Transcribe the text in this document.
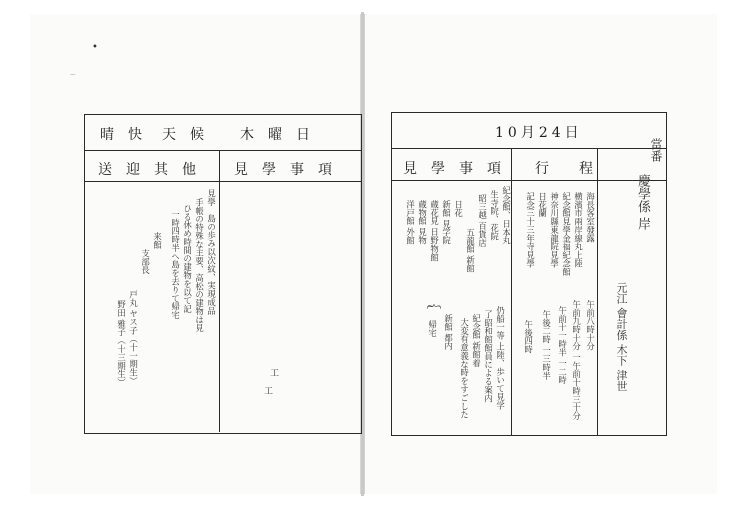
•
～
晴快 天候 木曜日
送迎其他 見學事項
見學　島の歩み以次紋、実現成品
手帳の特殊な主要、高松の建物は見
ひる休め時間の建物を以て記
一時四時半へ島を去りて帰宅
来館
支部長
戸丸 ヤス子（十一期生）
野田 雅子（十三期生）	工
工
10月24日
當番
見學事項 行程
慶學係 岸
元江 會計係 木下 津世
海長客室發露
横濱市兩岸線丸上陸
紀念館見學金福紀念館
神奈川縣東龍院見學
日花蘭
記念三十三年寺見學
午前八時十分
午前九時十分 一午前十時三十分
午前十一時半 一二時
午後二時 一三時半
午後四時
紀念館、日本丸
生寺院、花院
昭三越 百貨店
五龍館 新館
日花
新館 見学院
蔵花見 日野物館
蔵物館 見物
洋戸館 外館
︷
仍船一等 上陸、歩いて見学
了昭和館館員による案内
紀念館 新館着
大変有意義な時をすごした
新館 都内
帰宅
